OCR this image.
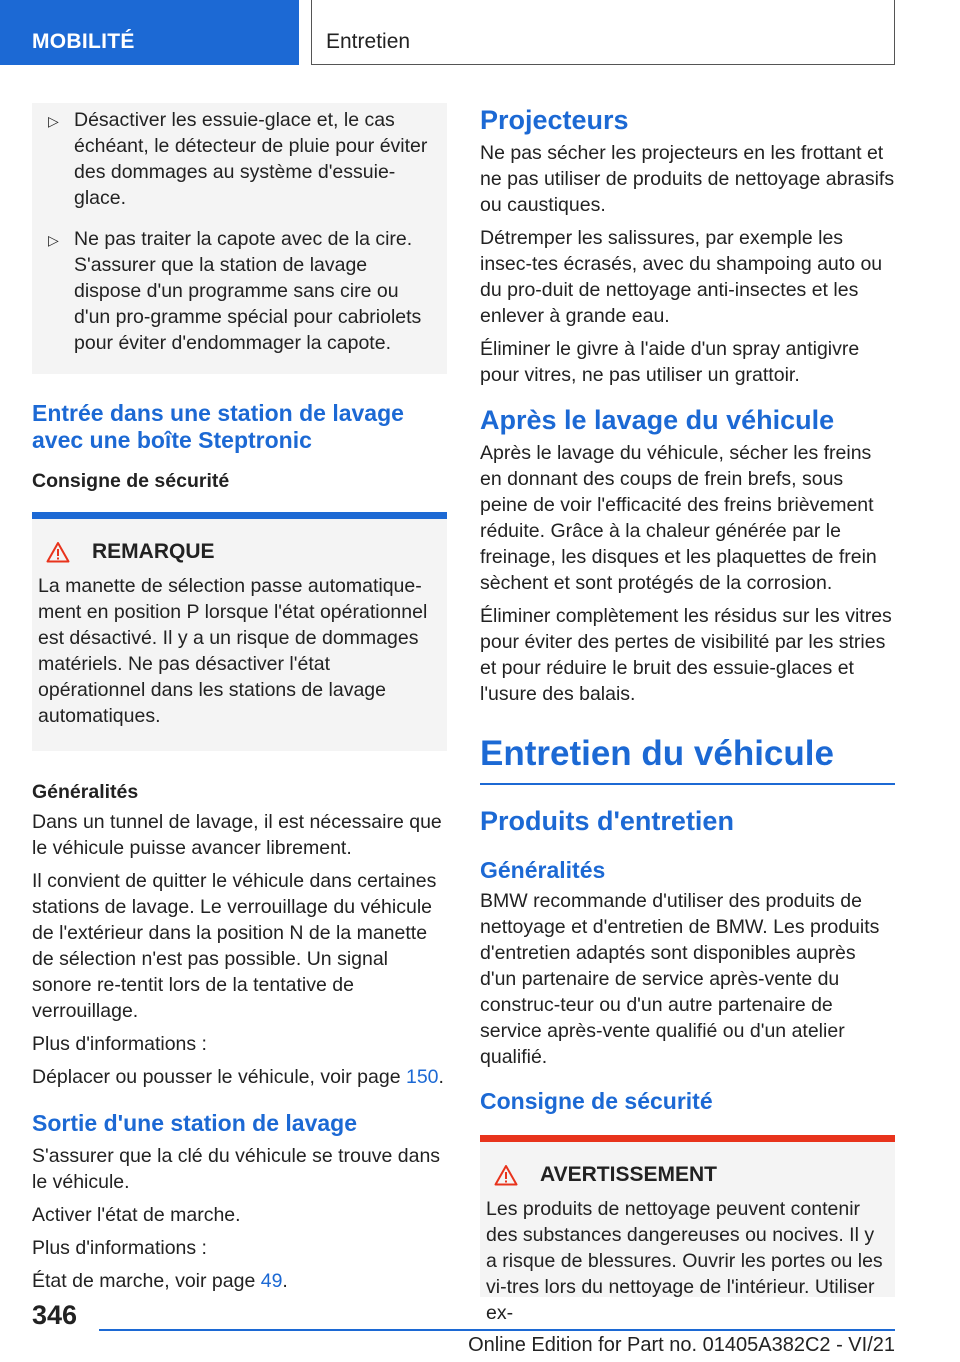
MOBILITÉ	Entretien
▷ Désactiver les essuie-glace et, le cas échéant, le détecteur de pluie pour éviter des dommages au système d'essuie-glace.
▷ Ne pas traiter la capote avec de la cire. S'assurer que la station de lavage dispose d'un programme sans cire ou d'un pro-gramme spécial pour cabriolets pour éviter d'endommager la capote.
Entrée dans une station de lavage avec une boîte Steptronic
Consigne de sécurité
REMARQUE
La manette de sélection passe automatique-ment en position P lorsque l'état opérationnel est désactivé. Il y a un risque de dommages matériels. Ne pas désactiver l'état opérationnel dans les stations de lavage automatiques.
Généralités

Dans un tunnel de lavage, il est nécessaire que le véhicule puisse avancer librement.

Il convient de quitter le véhicule dans certaines stations de lavage. Le verrouillage du véhicule de l'extérieur dans la position N de la manette de sélection n'est pas possible. Un signal sonore re-tentit lors de la tentative de verrouillage.

Plus d'informations :

Déplacer ou pousser le véhicule, voir page 150.

Sortie d'une station de lavage

S'assurer que la clé du véhicule se trouve dans le véhicule.

Activer l'état de marche.

Plus d'informations :

État de marche, voir page 49.

Projecteurs

Ne pas sécher les projecteurs en les frottant et ne pas utiliser de produits de nettoyage abrasifs ou caustiques.

Détremper les salissures, par exemple les insec-tes écrasés, avec du shampoing auto ou du pro-duit de nettoyage anti-insectes et les enlever à grande eau.

Éliminer le givre à l'aide d'un spray antigivre pour vitres, ne pas utiliser un grattoir.

Après le lavage du véhicule

Après le lavage du véhicule, sécher les freins en donnant des coups de frein brefs, sous peine de voir l'efficacité des freins brièvement réduite. Grâce à la chaleur générée par le freinage, les disques et les plaquettes de frein sèchent et sont protégés de la corrosion.

Éliminer complètement les résidus sur les vitres pour éviter des pertes de visibilité par les stries et pour réduire le bruit des essuie-glaces et l'usure des balais.

Entretien du véhicule
Produits d'entretien
Généralités

BMW recommande d'utiliser des produits de nettoyage et d'entretien de BMW. Les produits d'entretien adaptés sont disponibles auprès d'un partenaire de service après-vente du construc-teur ou d'un autre partenaire de service après-vente qualifié ou d'un atelier qualifié.

Consigne de sécurité
AVERTISSEMENT
Les produits de nettoyage peuvent contenir des substances dangereuses ou nocives. Il y a risque de blessures. Ouvrir les portes ou les vi-tres lors du nettoyage de l'intérieur. Utiliser ex-
346
Online Edition for Part no. 01405A382C2 - VI/21
